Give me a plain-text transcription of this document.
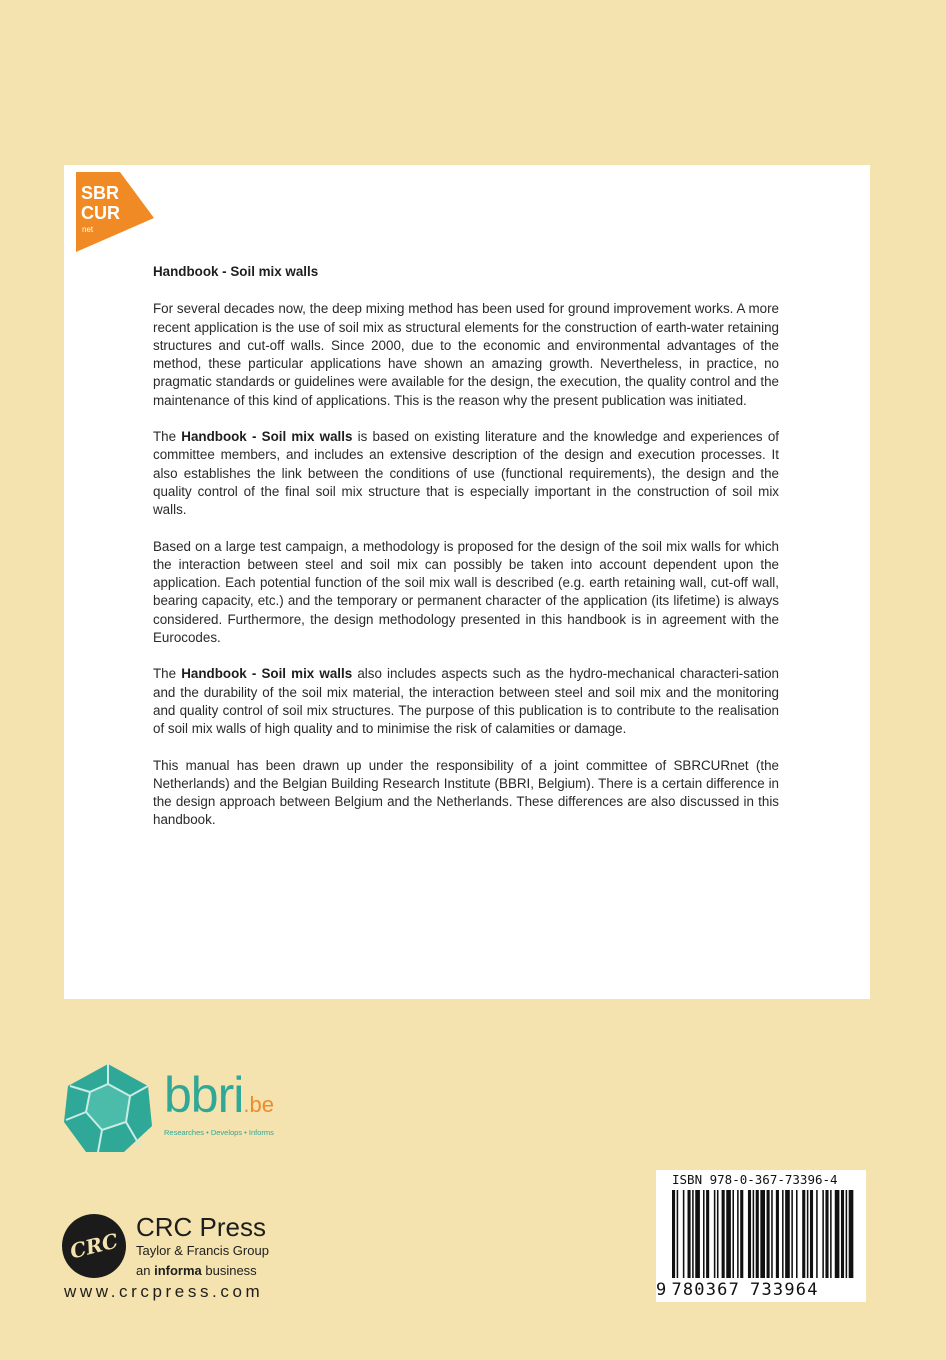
SBR
CUR
net
Handbook - Soil mix walls

For several decades now, the deep mixing method has been used for ground improvement works. A more recent application is the use of soil mix as structural elements for the construction of earth-water retaining structures and cut-off walls. Since 2000, due to the economic and environmental advantages of the method, these particular applications have shown an amazing growth. Nevertheless, in practice, no pragmatic standards or guidelines were available for the design, the execution, the quality control and the maintenance of this kind of applications. This is the reason why the present publication was initiated.

The Handbook - Soil mix walls is based on existing literature and the knowledge and experiences of committee members, and includes an extensive description of the design and execution processes. It also establishes the link between the conditions of use (functional requirements), the design and the quality control of the final soil mix structure that is especially important in the construction of soil mix walls.

Based on a large test campaign, a methodology is proposed for the design of the soil mix walls for which the interaction between steel and soil mix can possibly be taken into account dependent upon the application. Each potential function of the soil mix wall is described (e.g. earth retaining wall, cut-off wall, bearing capacity, etc.) and the temporary or permanent character of the application (its lifetime) is always considered. Furthermore, the design methodology presented in this handbook is in agreement with the Eurocodes.

The Handbook - Soil mix walls also includes aspects such as the hydro-mechanical characteri-sation and the durability of the soil mix material, the interaction between steel and soil mix and the monitoring and quality control of soil mix structures. The purpose of this publication is to contribute to the realisation of soil mix walls of high quality and to minimise the risk of calamities or damage.

This manual has been drawn up under the responsibility of a joint committee of SBRCURnet (the Netherlands) and the Belgian Building Research Institute (BBRI, Belgium). There is a certain difference in the design approach between Belgium and the Netherlands. These differences are also discussed in this handbook.

bbri.be
Researches • Develops • Informs
CRC
CRC Press
Taylor & Francis Group
an informa business
www.crcpress.com
ISBN 978-0-367-73396-4
9 780367 733964
